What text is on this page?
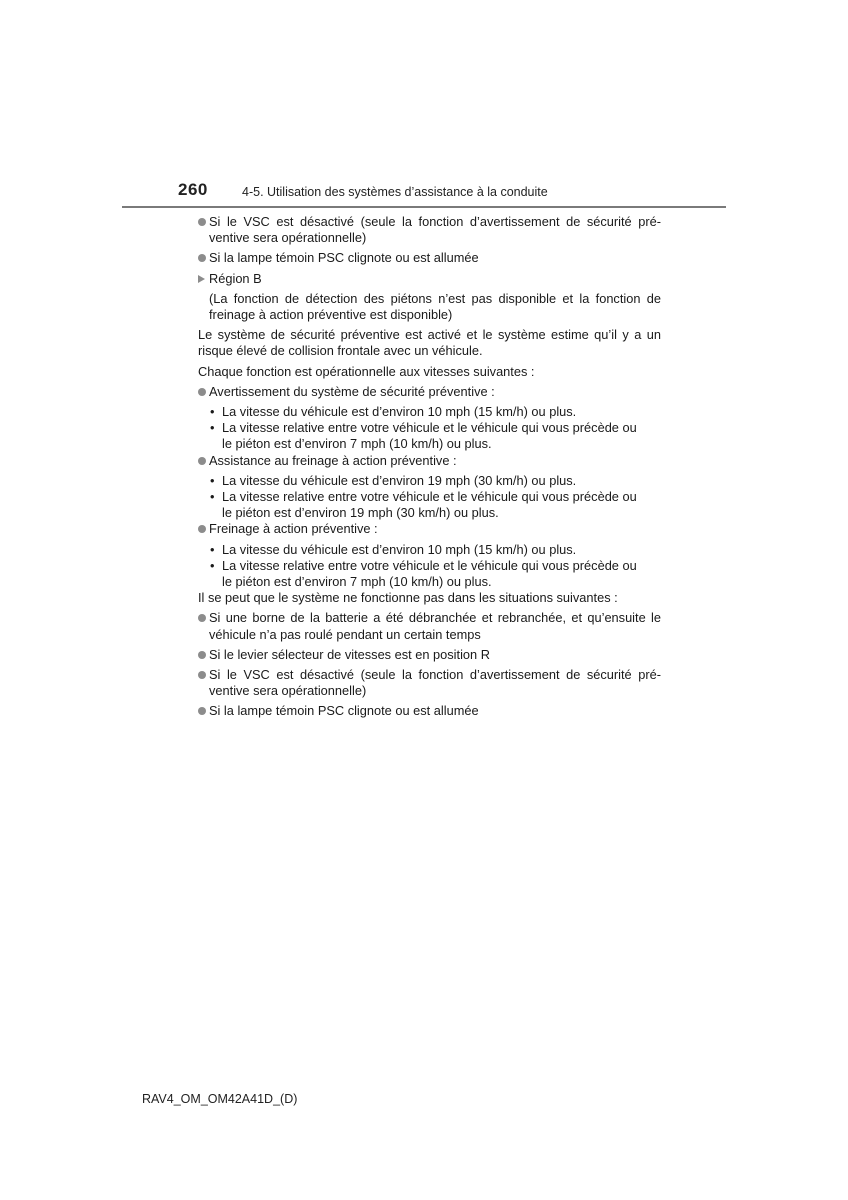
260	4-5. Utilisation des systèmes d’assistance à la conduite
Si le VSC est désactivé (seule la fonction d’avertissement de sécurité pré-
ventive sera opérationnelle)
Si la lampe témoin PSC clignote ou est allumée
Région B
(La fonction de détection des piétons n’est pas disponible et la fonction de
freinage à action préventive est disponible)
Le système de sécurité préventive est activé et le système estime qu’il y a un
risque élevé de collision frontale avec un véhicule.
Chaque fonction est opérationnelle aux vitesses suivantes :
Avertissement du système de sécurité préventive :
• La vitesse du véhicule est d’environ 10 mph (15 km/h) ou plus.
• La vitesse relative entre votre véhicule et le véhicule qui vous précède ou
le piéton est d’environ 7 mph (10 km/h) ou plus.
Assistance au freinage à action préventive :
• La vitesse du véhicule est d’environ 19 mph (30 km/h) ou plus.
• La vitesse relative entre votre véhicule et le véhicule qui vous précède ou
le piéton est d’environ 19 mph (30 km/h) ou plus.
Freinage à action préventive :
• La vitesse du véhicule est d’environ 10 mph (15 km/h) ou plus.
• La vitesse relative entre votre véhicule et le véhicule qui vous précède ou
le piéton est d’environ 7 mph (10 km/h) ou plus.
Il se peut que le système ne fonctionne pas dans les situations suivantes :
Si une borne de la batterie a été débranchée et rebranchée, et qu’ensuite le
véhicule n’a pas roulé pendant un certain temps
Si le levier sélecteur de vitesses est en position R
Si le VSC est désactivé (seule la fonction d’avertissement de sécurité pré-
ventive sera opérationnelle)
Si la lampe témoin PSC clignote ou est allumée
RAV4_OM_OM42A41D_(D)
